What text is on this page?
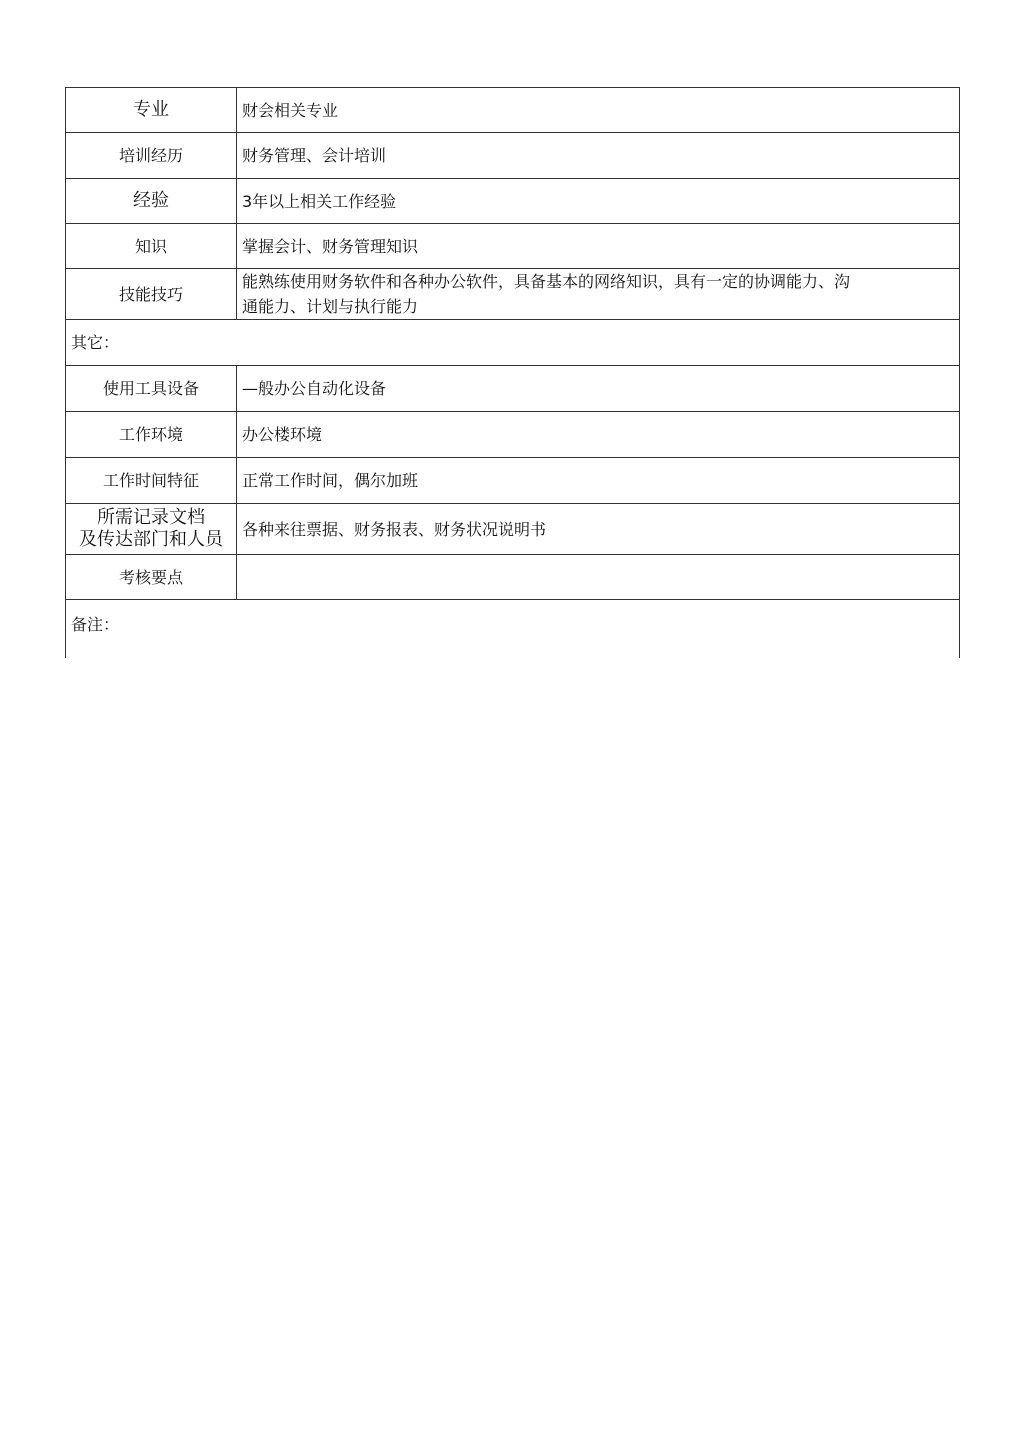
专业	财会相关专业
培训经历	财务管理、会计培训
经验	3年以上相关工作经验
知识	掌握会计、财务管理知识
技能技巧	能熟练使用财务软件和各种办公软件，具备基本的网络知识，具有一定的协调能力、沟
通能力、计划与执行能力

其它：	
使用工具设备	—般办公自动化设备
工作环境	办公楼环境
工作时间特征	正常工作时间，偶尔加班

所需记录文档
及传达部门和人员	各种来往票据、财务报表、财务状况说明书
考核要点	
备注：	
